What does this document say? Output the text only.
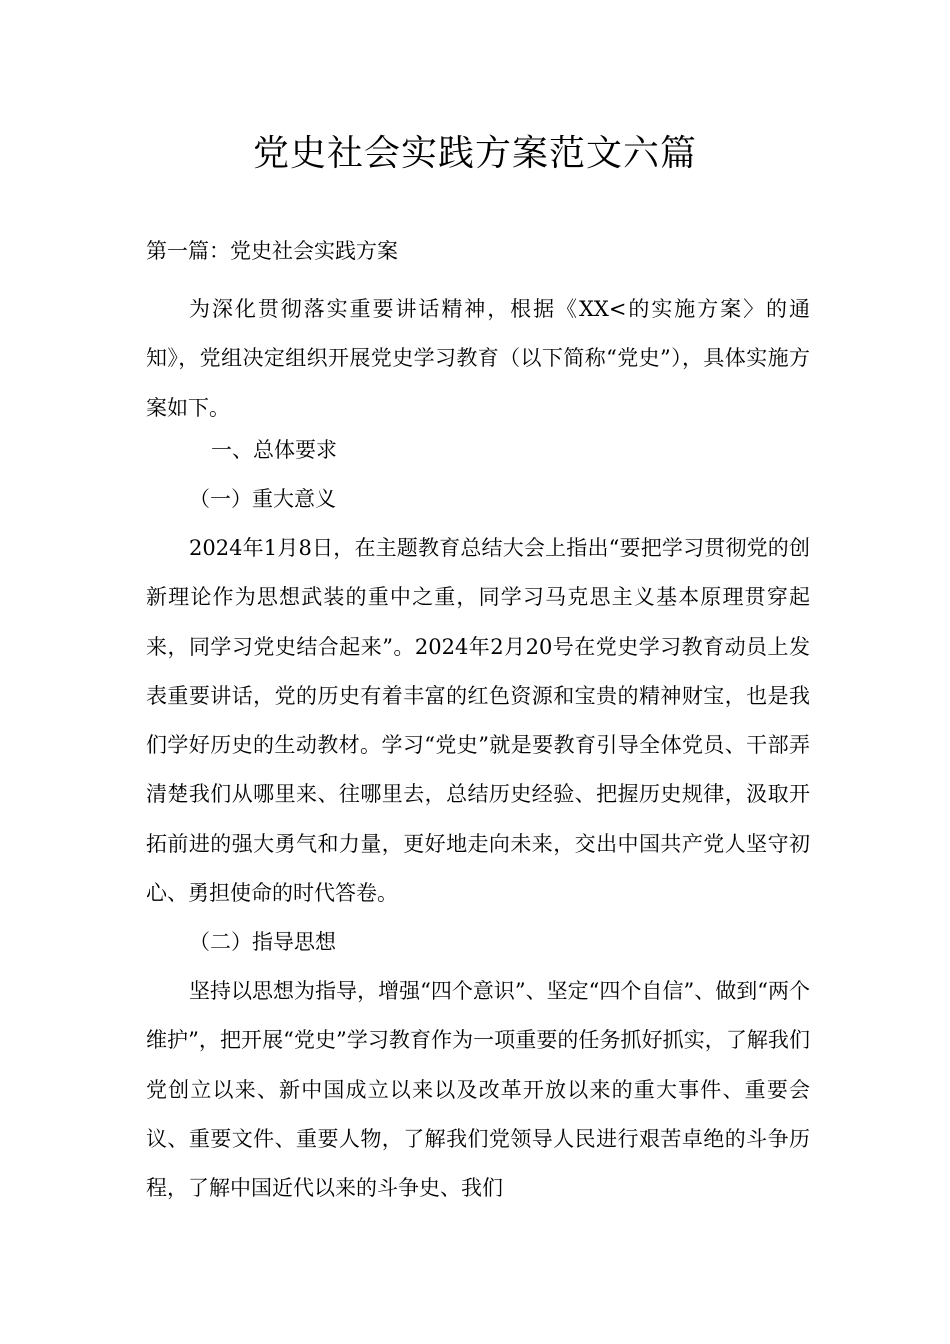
党史社会实践方案范文六篇
第一篇：党史社会实践方案

为深化贯彻落实重要讲话精神，根据《XX<的实施方案〉的通知》，党组决定组织开展党史学习教育（以下简称“党史”），具体实施方案如下。

一、总体要求
（一）重大意义

2024年1月8日，在主题教育总结大会上指出“要把学习贯彻党的创新理论作为思想武装的重中之重，同学习马克思主义基本原理贯穿起来，同学习党史结合起来”。2024年2月20号在党史学习教育动员上发表重要讲话，党的历史有着丰富的红色资源和宝贵的精神财宝，也是我们学好历史的生动教材。学习“党史”就是要教育引导全体党员、干部弄清楚我们从哪里来、往哪里去，总结历史经验、把握历史规律，汲取开拓前进的强大勇气和力量，更好地走向未来，交出中国共产党人坚守初心、勇担使命的时代答卷。

（二）指导思想

坚持以思想为指导，增强“四个意识”、坚定“四个自信”、做到“两个维护”，把开展“党史”学习教育作为一项重要的任务抓好抓实，了解我们党创立以来、新中国成立以来以及改革开放以来的重大事件、重要会议、重要文件、重要人物，了解我们党领导人民进行艰苦卓绝的斗争历程，了解中国近代以来的斗争史、我们
